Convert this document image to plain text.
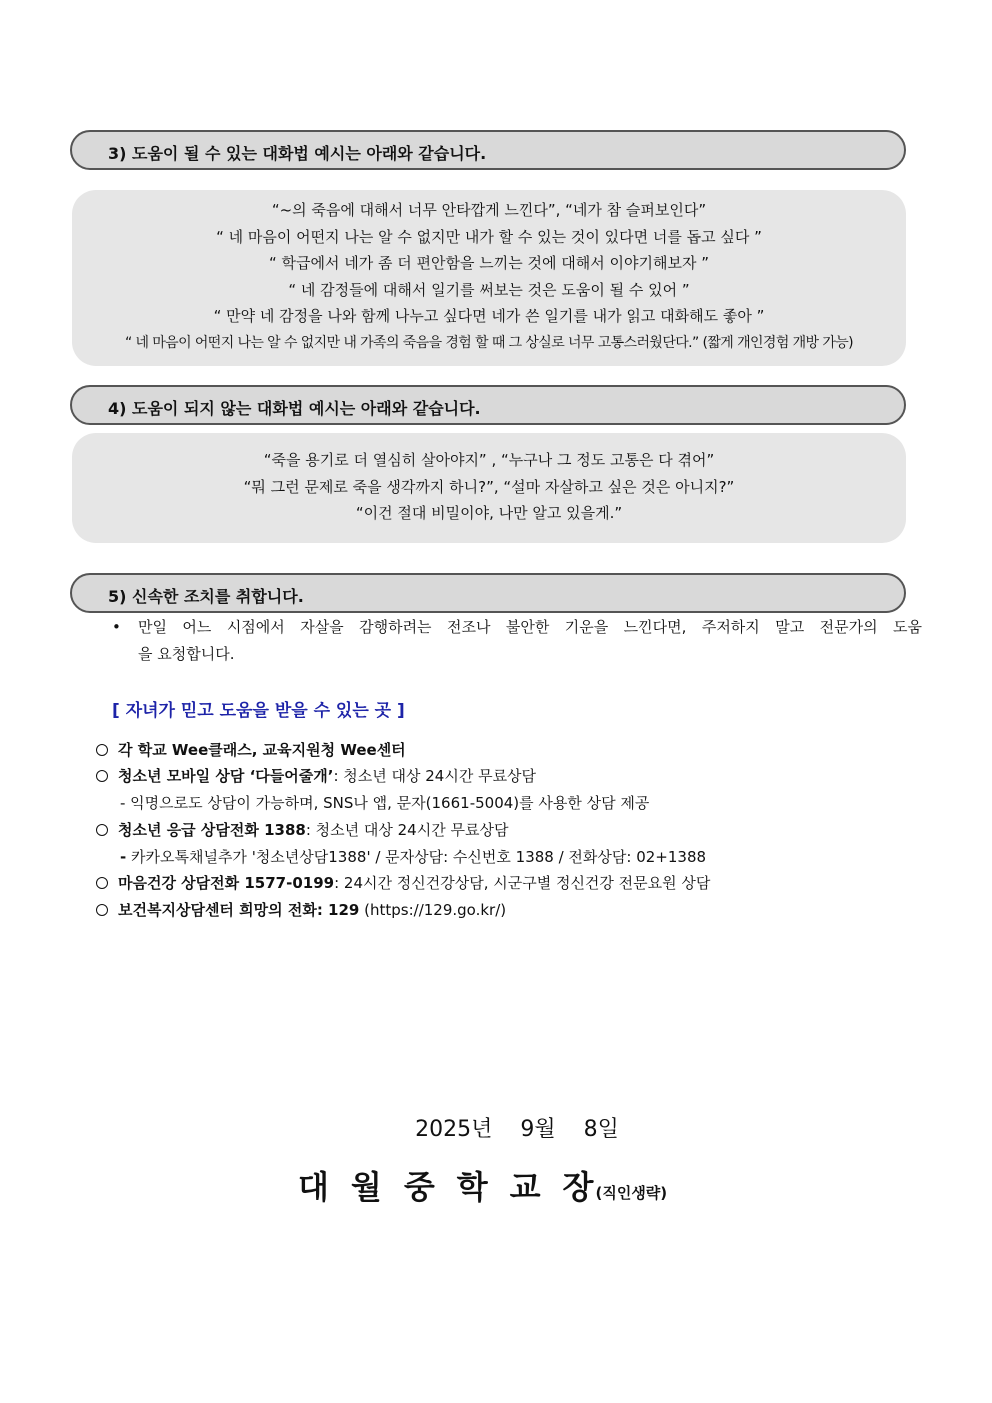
3) 도움이 될 수 있는 대화법 예시는 아래와 같습니다.
“~의 죽음에 대해서 너무 안타깝게 느낀다”, “네가 참 슬퍼보인다”
“ 네 마음이 어떤지 나는 알 수 없지만 내가 할 수 있는 것이 있다면 너를 돕고 싶다 ”
“ 학급에서 네가 좀 더 편안함을 느끼는 것에 대해서 이야기해보자 ”
“ 네 감정들에 대해서 일기를 써보는 것은 도움이 될 수 있어 ”
“ 만약 네 감정을 나와 함께 나누고 싶다면 네가 쓴 일기를 내가 읽고 대화해도 좋아 ”
“ 네 마음이 어떤지 나는 알 수 없지만 내 가족의 죽음을 경험 할 때 그 상실로 너무 고통스러웠단다.” (짧게 개인경험 개방 가능)
4) 도움이 되지 않는 대화법 예시는 아래와 같습니다.
“죽을 용기로 더 열심히 살아야지” , “누구나 그 정도 고통은 다 겪어”
“뭐 그런 문제로 죽을 생각까지 하니?”, “설마 자살하고 싶은 것은 아니지?”
“이건 절대 비밀이야, 나만 알고 있을게.”
5) 신속한 조치를 취합니다.
• 만일 어느 시점에서 자살을 감행하려는 전조나 불안한 기운을 느낀다면, 주저하지 말고 전문가의 도움
을 요청합니다.
[ 자녀가 믿고 도움을 받을 수 있는 곳 ]
각 학교 Wee클래스, 교육지원청 Wee센터
청소년 모바일 상담 ‘다들어줄개’: 청소년 대상 24시간 무료상담
- 익명으로도 상담이 가능하며, SNS나 앱, 문자(1661-5004)를 사용한 상담 제공
청소년 응급 상담전화 1388: 청소년 대상 24시간 무료상담
- 카카오톡채널추가 '청소년상담1388' / 문자상담: 수신번호 1388 / 전화상담: 02+1388
마음건강 상담전화 1577-0199: 24시간 정신건강상담, 시군구별 정신건강 전문요원 상담
보건복지상담센터 희망의 전화: 129 (https://129.go.kr/)
2025년    9월    8일
대월중학교장(직인생략)
